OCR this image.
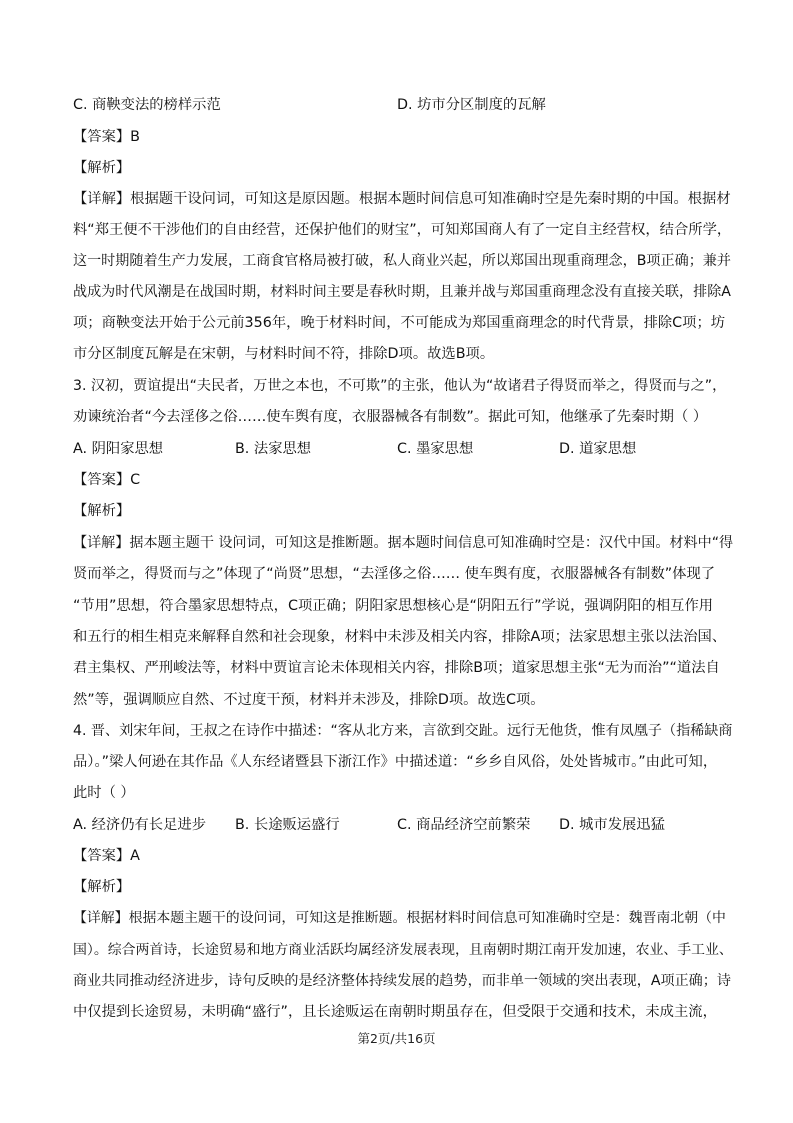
C. 商鞅变法的榜样示范	D. 坊市分区制度的瓦解
【答案】B
【解析】
【详解】根据题干设问词，可知这是原因题。根据本题时间信息可知准确时空是先秦时期的中国。根据材
料“郑王便不干涉他们的自由经营，还保护他们的财宝”，可知郑国商人有了一定自主经营权，结合所学，
这一时期随着生产力发展，工商食官格局被打破，私人商业兴起，所以郑国出现重商理念，B项正确；兼并
战成为时代风潮是在战国时期，材料时间主要是春秋时期，且兼并战与郑国重商理念没有直接关联，排除A
项；商鞅变法开始于公元前356年，晚于材料时间，不可能成为郑国重商理念的时代背景，排除C项；坊
市分区制度瓦解是在宋朝，与材料时间不符，排除D项。故选B项。
3. 汉初，贾谊提出“夫民者，万世之本也，不可欺”的主张，他认为“故诸君子得贤而举之，得贤而与之”，
劝谏统治者“今去淫侈之俗……使车舆有度，衣服器械各有制数”。据此可知，他继承了先秦时期（ ）
A. 阴阳家思想	B. 法家思想	C. 墨家思想	D. 道家思想
【答案】C
【解析】
【详解】据本题主题干 设问词，可知这是推断题。据本题时间信息可知准确时空是：汉代中国。材料中“得
贤而举之，得贤而与之”体现了“尚贤”思想，“去淫侈之俗…… 使车舆有度，衣服器械各有制数”体现了
“节用”思想，符合墨家思想特点，C项正确；阴阳家思想核心是“阴阳五行”学说，强调阴阳的相互作用
和五行的相生相克来解释自然和社会现象，材料中未涉及相关内容，排除A项；法家思想主张以法治国、
君主集权、严刑峻法等，材料中贾谊言论未体现相关内容，排除B项；道家思想主张“无为而治”“道法自
然”等，强调顺应自然、不过度干预，材料并未涉及，排除D项。故选C项。
4. 晋、刘宋年间，王叔之在诗作中描述：“客从北方来，言欲到交趾。远行无他货，惟有凤凰子（指稀缺商
品）。”梁人何逊在其作品《人东经诸暨县下浙江作》中描述道：“乡乡自风俗，处处皆城市。”由此可知，
此时（ ）
A. 经济仍有长足进步 B. 长途贩运盛行	C. 商品经济空前繁荣 D. 城市发展迅猛
【答案】A
【解析】
【详解】根据本题主题干的设问词，可知这是推断题。根据材料时间信息可知准确时空是：魏晋南北朝（中
国）。综合两首诗，长途贸易和地方商业活跃均属经济发展表现，且南朝时期江南开发加速，农业、手工业、
商业共同推动经济进步，诗句反映的是经济整体持续发展的趋势，而非单一领域的突出表现，A项正确；诗
中仅提到长途贸易，未明确“盛行”，且长途贩运在南朝时期虽存在，但受限于交通和技术，未成主流，
第2页/共16页
